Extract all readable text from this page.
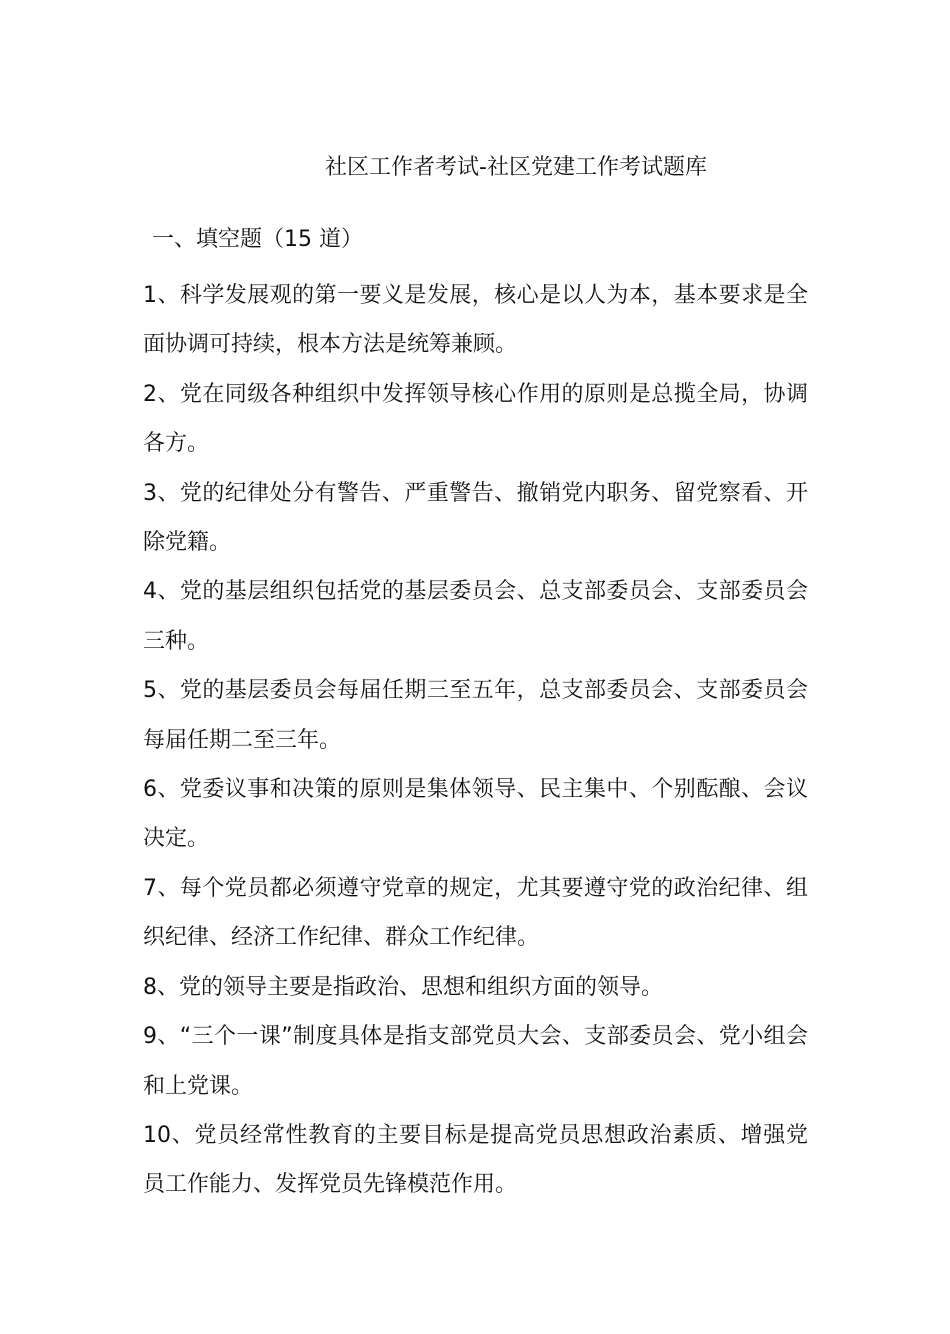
社区工作者考试-社区党建工作考试题库
一、填空题（15 道）
1、科学发展观的第一要义是发展，核心是以人为本，基本要求是全面协调可持续，根本方法是统筹兼顾。
2、党在同级各种组织中发挥领导核心作用的原则是总揽全局，协调各方。
3、党的纪律处分有警告、严重警告、撤销党内职务、留党察看、开除党籍。
4、党的基层组织包括党的基层委员会、总支部委员会、支部委员会三种。
5、党的基层委员会每届任期三至五年，总支部委员会、支部委员会每届任期二至三年。
6、党委议事和决策的原则是集体领导、民主集中、个别酝酿、会议决定。
7、每个党员都必须遵守党章的规定，尤其要遵守党的政治纪律、组织纪律、经济工作纪律、群众工作纪律。
8、党的领导主要是指政治、思想和组织方面的领导。
9、“三个一课”制度具体是指支部党员大会、支部委员会、党小组会和上党课。
10、党员经常性教育的主要目标是提高党员思想政治素质、增强党员工作能力、发挥党员先锋模范作用。
